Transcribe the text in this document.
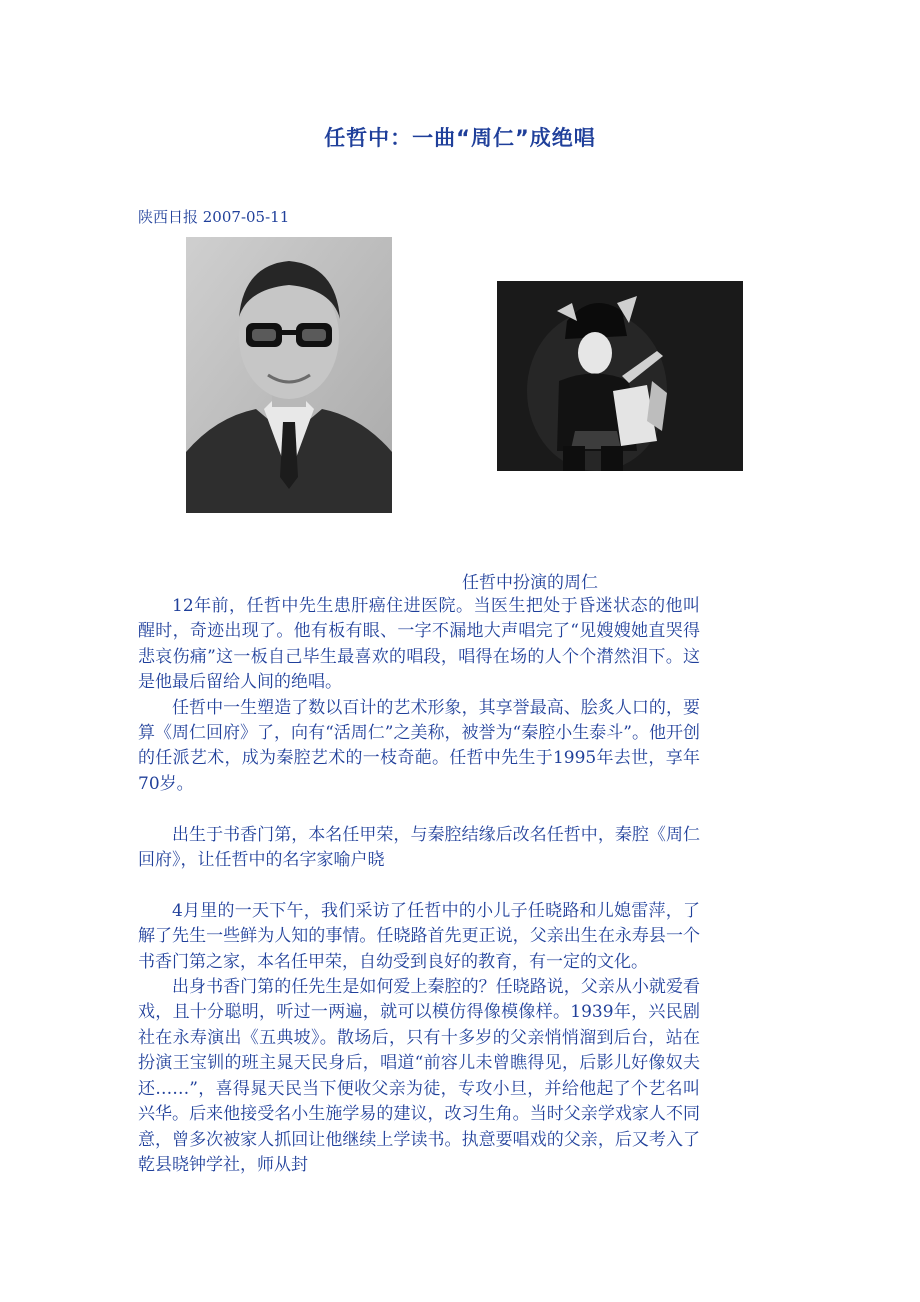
任哲中：一曲“周仁”成绝唱
陕西日报 2007-05-11
任哲中扮演的周仁

12年前，任哲中先生患肝癌住进医院。当医生把处于昏迷状态的他叫醒时，奇迹出现了。他有板有眼、一字不漏地大声唱完了“见嫂嫂她直哭得悲哀伤痛”这一板自己毕生最喜欢的唱段，唱得在场的人个个潸然泪下。这是他最后留给人间的绝唱。

任哲中一生塑造了数以百计的艺术形象，其享誉最高、脍炙人口的，要算《周仁回府》了，向有“活周仁”之美称，被誉为“秦腔小生泰斗”。他开创的任派艺术，成为秦腔艺术的一枝奇葩。任哲中先生于1995年去世，享年70岁。

出生于书香门第，本名任甲荣，与秦腔结缘后改名任哲中，秦腔《周仁回府》，让任哲中的名字家喻户晓

4月里的一天下午，我们采访了任哲中的小儿子任晓路和儿媳雷萍，了解了先生一些鲜为人知的事情。任晓路首先更正说，父亲出生在永寿县一个书香门第之家，本名任甲荣，自幼受到良好的教育，有一定的文化。

出身书香门第的任先生是如何爱上秦腔的？任晓路说，父亲从小就爱看戏，且十分聪明，听过一两遍，就可以模仿得像模像样。1939年，兴民剧社在永寿演出《五典坡》。散场后，只有十多岁的父亲悄悄溜到后台，站在扮演王宝钏的班主晁天民身后，唱道“前容儿未曾瞧得见，后影儿好像奴夫还……”，喜得晁天民当下便收父亲为徒，专攻小旦，并给他起了个艺名叫兴华。后来他接受名小生施学易的建议，改习生角。当时父亲学戏家人不同意，曾多次被家人抓回让他继续上学读书。执意要唱戏的父亲，后又考入了乾县晓钟学社，师从封
